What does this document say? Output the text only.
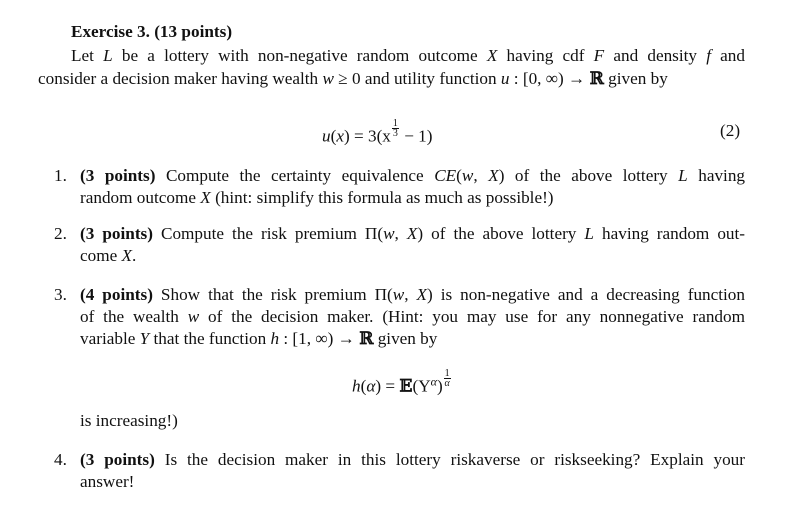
Exercise 3. (13 points)
Let L be a lottery with non-negative random outcome X having cdf F and density f and
consider a decision maker having wealth w ≥ 0 and utility function u : [0, ∞) → ℝ given by
$u(x) = 3(x \frac{1}{3} - 1)$	(2)
1. (3 points) Compute the certainty equivalence CE(w, X) of the above lottery L having
random outcome X (hint: simplify this formula as much as possible!)
2. (3 points) Compute the risk premium Π(w, X) of the above lottery L having random out-
come X.
3. (4 points) Show that the risk premium Π(w, X) is non-negative and a decreasing function
of the wealth w of the decision maker. (Hint: you may use for any nonnegative random
variable Y that the function h : [1, ∞) → ℝ given by
$h(\alpha) = 𝔼(Y^\alpha) \frac{1}{\alpha}$
is increasing!)
4. (3 points) Is the decision maker in this lottery riskaverse or riskseeking? Explain your
answer!
